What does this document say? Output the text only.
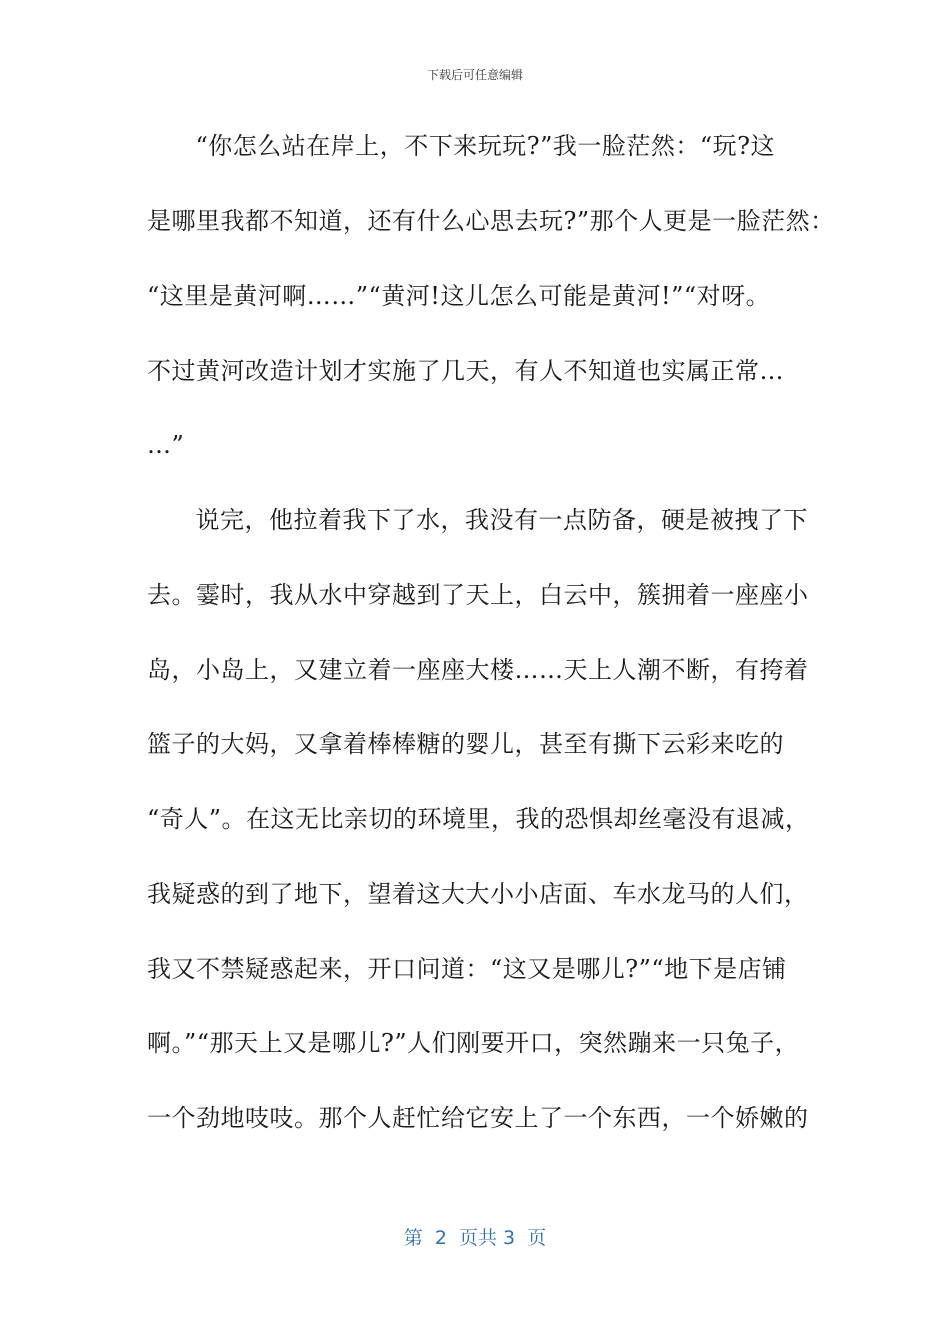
下载后可任意编辑
　“你怎么站在岸上，不下来玩玩?”我一脸茫然：“玩?这
是哪里我都不知道，还有什么心思去玩?”那个人更是一脸茫然：
“这里是黄河啊……”“黄河!这儿怎么可能是黄河!”“对呀。
不过黄河改造计划才实施了几天，有人不知道也实属正常…
…”
　说完，他拉着我下了水，我没有一点防备，硬是被拽了下
去。霎时，我从水中穿越到了天上，白云中，簇拥着一座座小
岛，小岛上，又建立着一座座大楼……天上人潮不断，有挎着
篮子的大妈，又拿着棒棒糖的婴儿，甚至有撕下云彩来吃的
“奇人”。在这无比亲切的环境里，我的恐惧却丝毫没有退减，
我疑惑的到了地下，望着这大大小小店面、车水龙马的人们，
我又不禁疑惑起来，开口问道：“这又是哪儿?”“地下是店铺
啊。”“那天上又是哪儿?”人们刚要开口，突然蹦来一只兔子，
一个劲地吱吱。那个人赶忙给它安上了一个东西，一个娇嫩的
第  2  页共 3  页
